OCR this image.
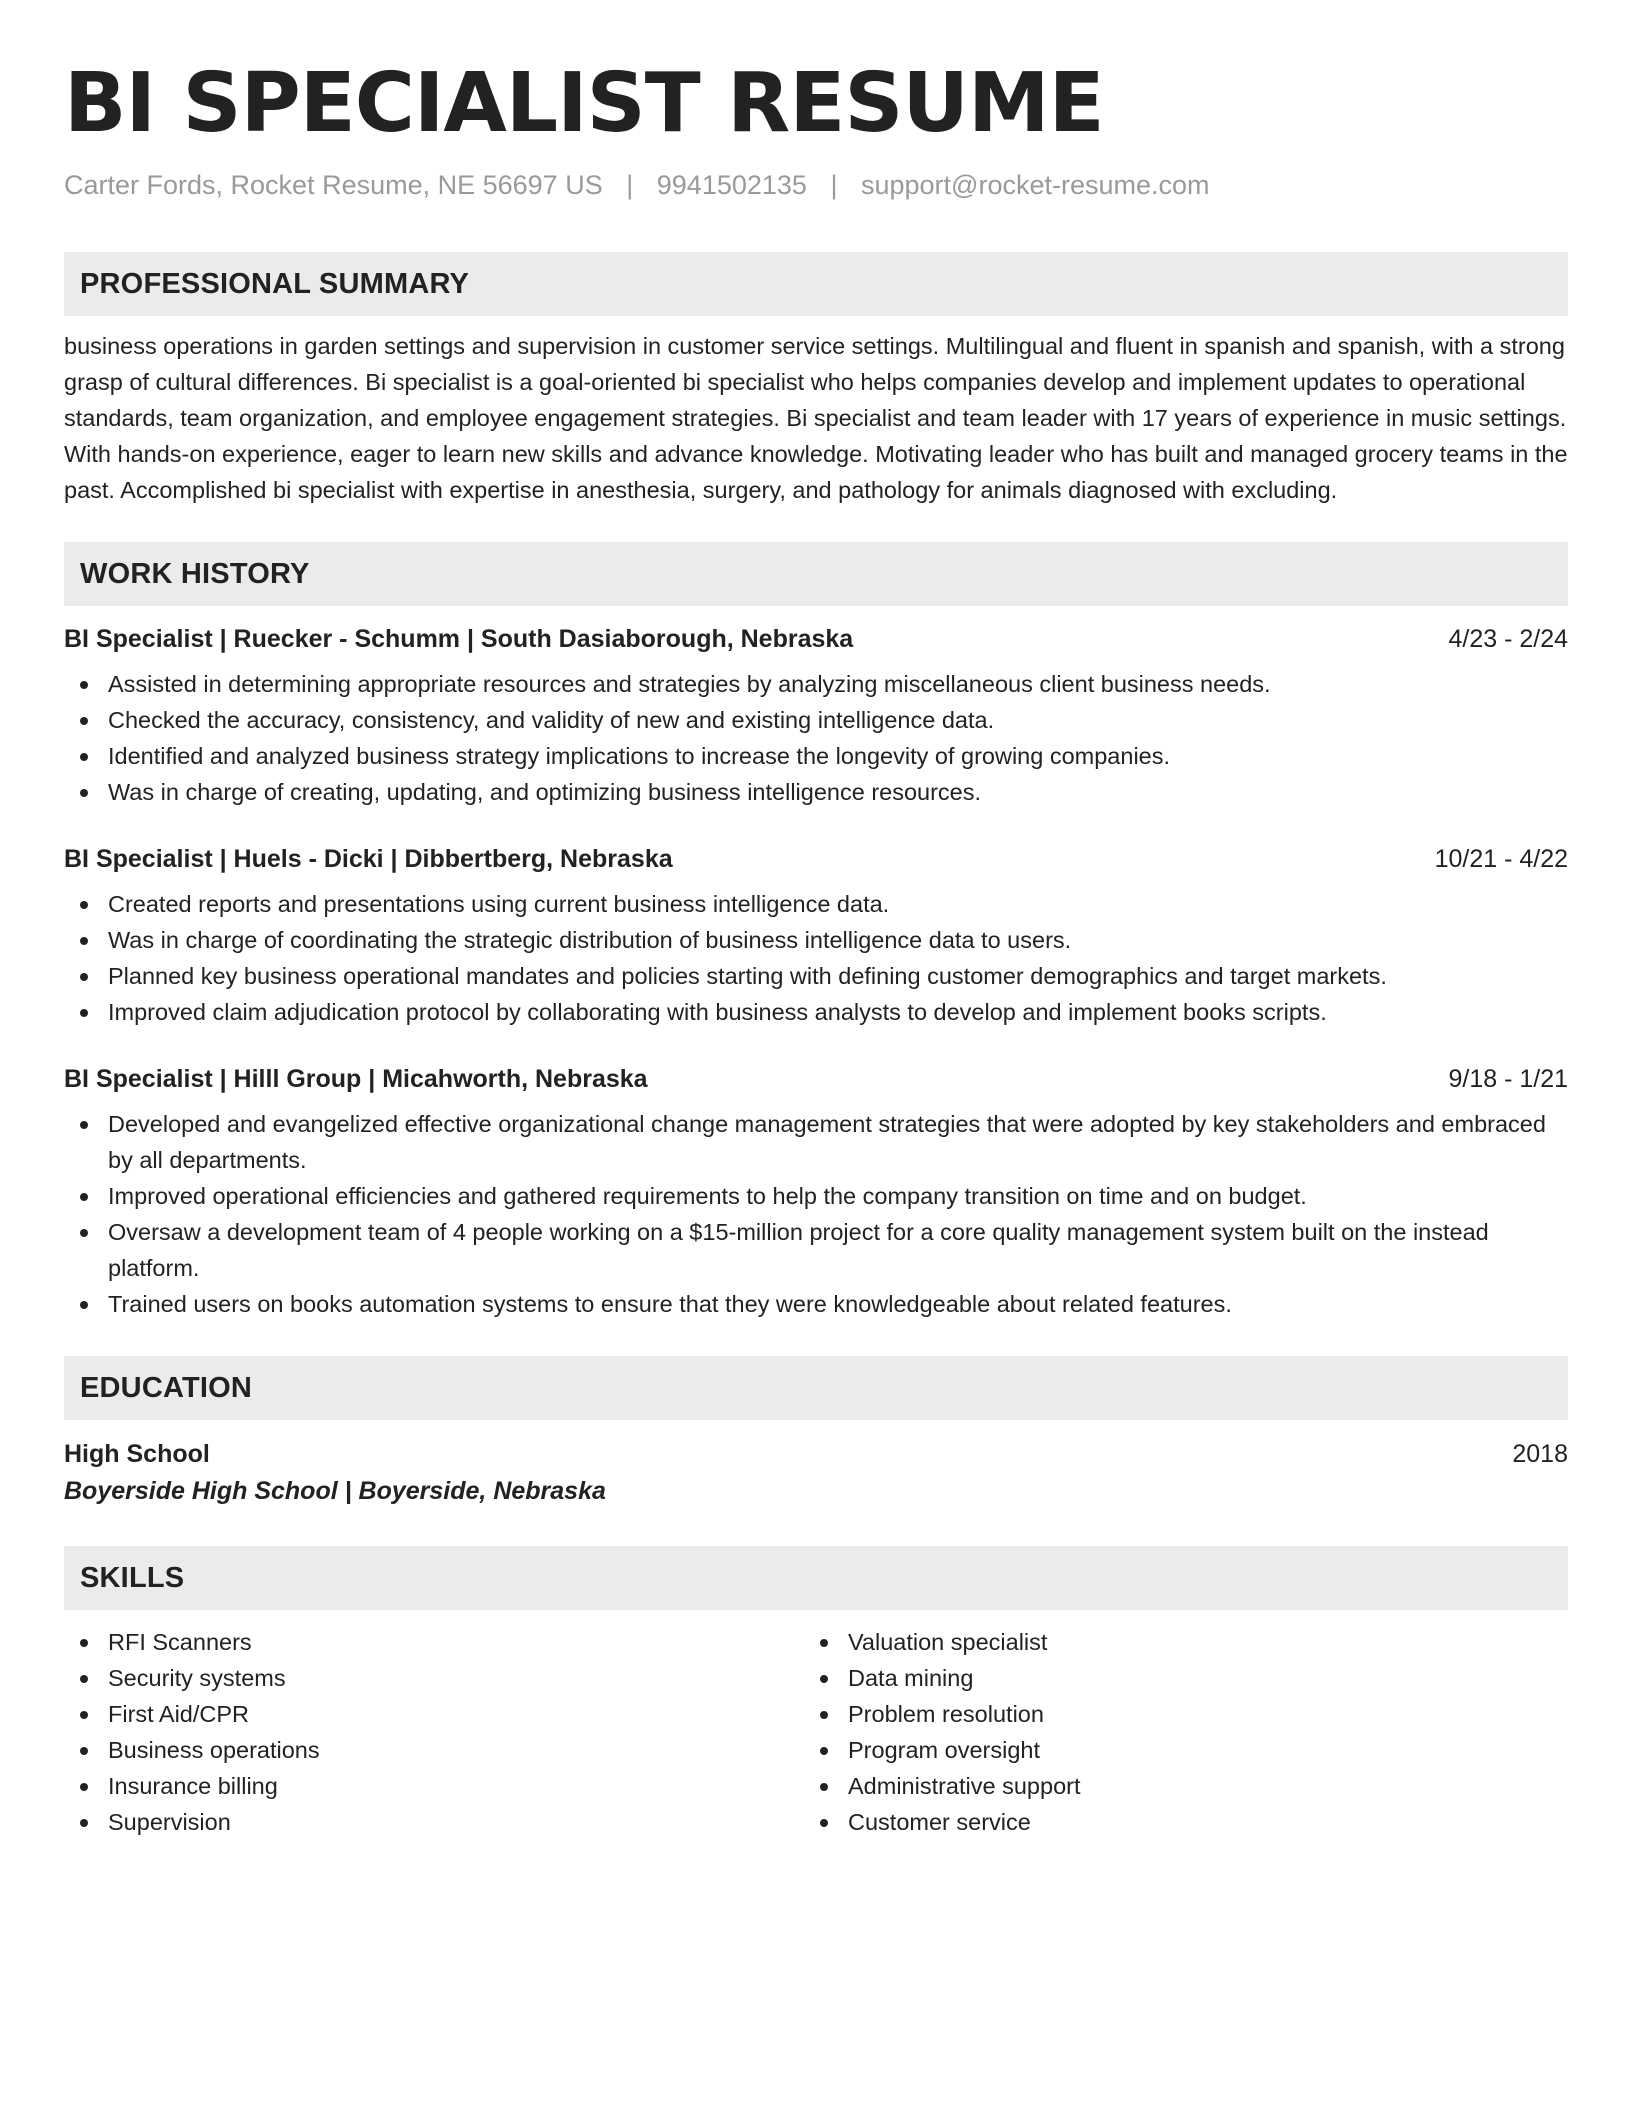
BI SPECIALIST RESUME
Carter Fords, Rocket Resume, NE 56697 US | 9941502135 | support@rocket-resume.com
PROFESSIONAL SUMMARY

business operations in garden settings and supervision in customer service settings. Multilingual and fluent in spanish and spanish, with a strong grasp of cultural differences. Bi specialist is a goal-oriented bi specialist who helps companies develop and implement updates to operational standards, team organization, and employee engagement strategies. Bi specialist and team leader with 17 years of experience in music settings. With hands-on experience, eager to learn new skills and advance knowledge. Motivating leader who has built and managed grocery teams in the past. Accomplished bi specialist with expertise in anesthesia, surgery, and pathology for animals diagnosed with excluding.

WORK HISTORY
BI Specialist | Ruecker - Schumm | South Dasiaborough, Nebraska	4/23 - 2/24
Assisted in determining appropriate resources and strategies by analyzing miscellaneous client business needs.
Checked the accuracy, consistency, and validity of new and existing intelligence data.
Identified and analyzed business strategy implications to increase the longevity of growing companies.
Was in charge of creating, updating, and optimizing business intelligence resources.
BI Specialist | Huels - Dicki | Dibbertberg, Nebraska	10/21 - 4/22
Created reports and presentations using current business intelligence data.
Was in charge of coordinating the strategic distribution of business intelligence data to users.
Planned key business operational mandates and policies starting with defining customer demographics and target markets.
Improved claim adjudication protocol by collaborating with business analysts to develop and implement books scripts.
BI Specialist | Hilll Group | Micahworth, Nebraska	9/18 - 1/21
Developed and evangelized effective organizational change management strategies that were adopted by key stakeholders and embraced by all departments.
Improved operational efficiencies and gathered requirements to help the company transition on time and on budget.
Oversaw a development team of 4 people working on a $15-million project for a core quality management system built on the instead platform.
Trained users on books automation systems to ensure that they were knowledgeable about related features.
EDUCATION
High School	2018
Boyerside High School | Boyerside, Nebraska
SKILLS
RFI Scanners
Security systems
First Aid/CPR
Business operations
Insurance billing
Supervision
Valuation specialist
Data mining
Problem resolution
Program oversight
Administrative support
Customer service
